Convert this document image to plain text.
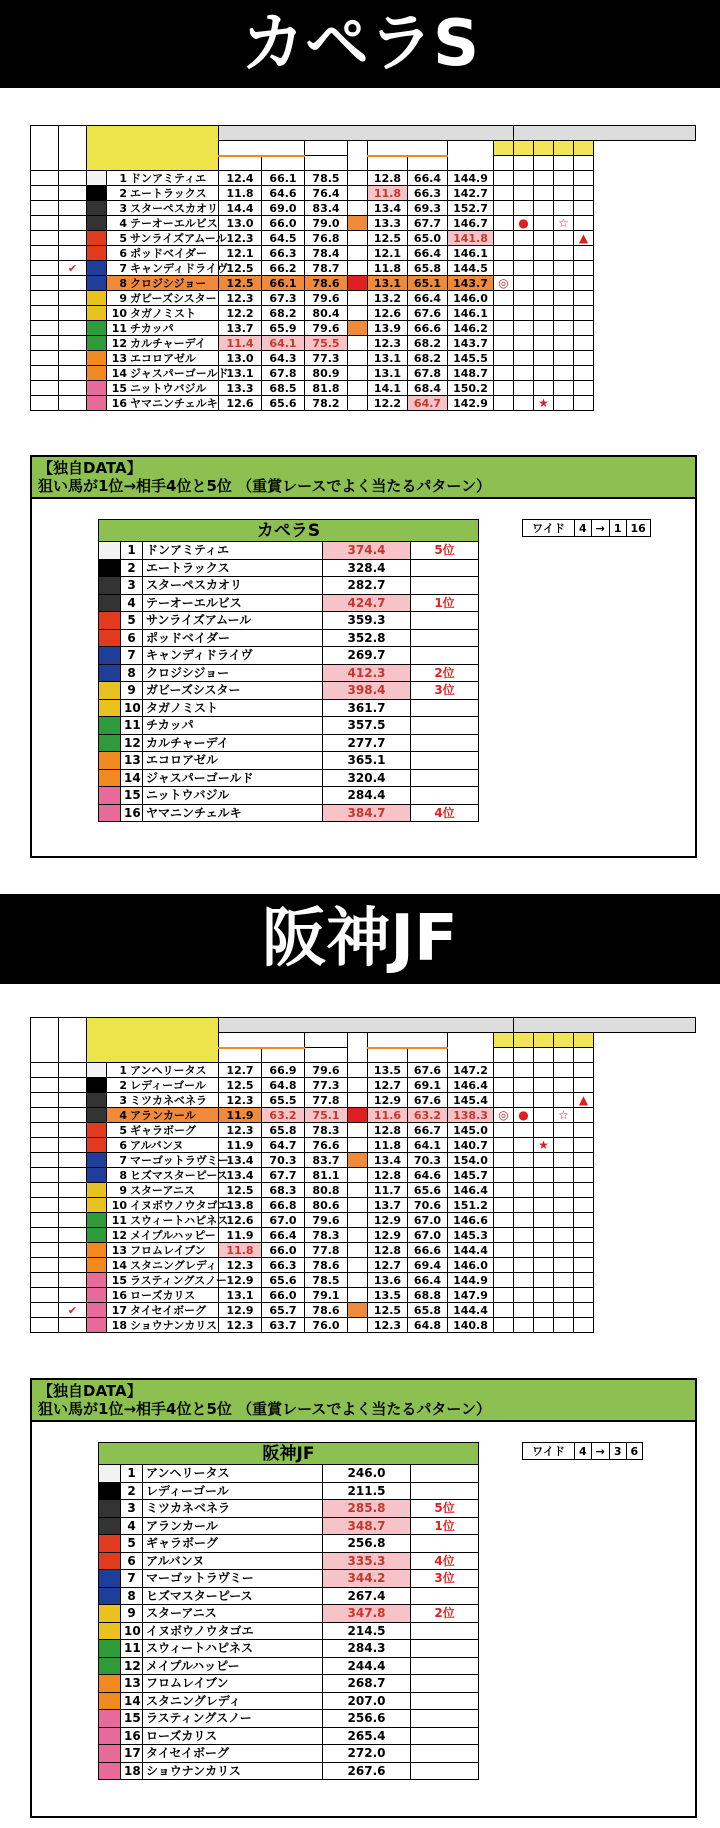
カペラS

			1 ドンアミティエ	12.4	66.1	78.5		12.8	66.4	144.9					
			2 エートラックス	11.8	64.6	76.4		11.8	66.3	142.7					
			3 スターペスカオリ	14.4	69.0	83.4		13.4	69.3	152.7					
			4 テーオーエルビス	13.0	66.0	79.0		13.3	67.7	146.7		●		☆	
			5 サンライズアムール	12.3	64.5	76.8		12.5	65.0	141.8					▲
			6 ポッドベイダー	12.1	66.3	78.4		12.1	66.4	146.1					
	✔		7 キャンディドライヴ	12.5	66.2	78.7		11.8	65.8	144.5					
			8 クロジシジョー	12.5	66.1	78.6		13.1	65.1	143.7	◎				
			9 ガビーズシスター	12.3	67.3	79.6		13.2	66.4	146.0					
			10 タガノミスト	12.2	68.2	80.4		12.6	67.6	146.1					
			11 チカッパ	13.7	65.9	79.6		13.9	66.6	146.2					
			12 カルチャーデイ	11.4	64.1	75.5		12.3	68.2	143.7					
			13 エコロアゼル	13.0	64.3	77.3		13.1	68.2	145.5					
			14 ジャスパーゴールド	13.1	67.8	80.9		13.1	67.8	148.7					
			15 ニットウバジル	13.3	68.5	81.8		14.1	68.4	150.2					
			16 ヤマニンチェルキ	12.6	65.6	78.2		12.2	64.7	142.9			★		
【独自DATA】
狙い馬が1位→相手4位と5位 （重賞レースでよく当たるパターン）
ワイド	4	→	1	16
カペラS				
	1	ドンアミティエ	374.4	5位
	2	エートラックス	328.4	
	3	スターペスカオリ	282.7	
	4	テーオーエルビス	424.7	1位
	5	サンライズアムール	359.3	
	6	ポッドベイダー	352.8	
	7	キャンディドライヴ	269.7	
	8	クロジシジョー	412.3	2位
	9	ガビーズシスター	398.4	3位
	10	タガノミスト	361.7	
	11	チカッパ	357.5	
	12	カルチャーデイ	277.7	
	13	エコロアゼル	365.1	
	14	ジャスパーゴールド	320.4	
	15	ニットウバジル	284.4	
	16	ヤマニンチェルキ	384.7	4位
阪神JF

			1 アンヘリータス	12.7	66.9	79.6		13.5	67.6	147.2					
			2 レディーゴール	12.5	64.8	77.3		12.7	69.1	146.4					
			3 ミツカネベネラ	12.3	65.5	77.8		12.9	67.6	145.4					▲
			4 アランカール	11.9	63.2	75.1		11.6	63.2	138.3	◎	●		☆	
			5 ギャラボーグ	12.3	65.8	78.3		12.8	66.7	145.0					
			6 アルバンヌ	11.9	64.7	76.6		11.8	64.1	140.7			★		
			7 マーゴットラヴミー	13.4	70.3	83.7		13.4	70.3	154.0					
			8 ヒズマスターピース	13.4	67.7	81.1		12.8	64.6	145.7					
			9 スターアニス	12.5	68.3	80.8		11.7	65.6	146.4					
			10 イヌボウノウタゴエ	13.8	66.8	80.6		13.7	70.6	151.2					
			11 スウィートハピネス	12.6	67.0	79.6		12.9	67.0	146.6					
			12 メイプルハッピー	11.9	66.4	78.3		12.9	67.0	145.3					
			13 フロムレイブン	11.8	66.0	77.8		12.8	66.6	144.4					
			14 スタニングレディ	12.3	66.3	78.6		12.7	69.4	146.0					
			15 ラスティングスノー	12.9	65.6	78.5		13.6	66.4	144.9					
			16 ローズカリス	13.1	66.0	79.1		13.5	68.8	147.9					
	✔		17 タイセイボーグ	12.9	65.7	78.6		12.5	65.8	144.4					
			18 ショウナンカリス	12.3	63.7	76.0		12.3	64.8	140.8					
【独自DATA】
狙い馬が1位→相手4位と5位 （重賞レースでよく当たるパターン）
ワイド	4	→	3	6
阪神JF				
	1	アンヘリータス	246.0	
	2	レディーゴール	211.5	
	3	ミツカネベネラ	285.8	5位
	4	アランカール	348.7	1位
	5	ギャラボーグ	256.8	
	6	アルバンヌ	335.3	4位
	7	マーゴットラヴミー	344.2	3位
	8	ヒズマスターピース	267.4	
	9	スターアニス	347.8	2位
	10	イヌボウノウタゴエ	214.5	
	11	スウィートハピネス	284.3	
	12	メイプルハッピー	244.4	
	13	フロムレイブン	268.7	
	14	スタニングレディ	207.0	
	15	ラスティングスノー	256.6	
	16	ローズカリス	265.4	
	17	タイセイボーグ	272.0	
	18	ショウナンカリス	267.6	
